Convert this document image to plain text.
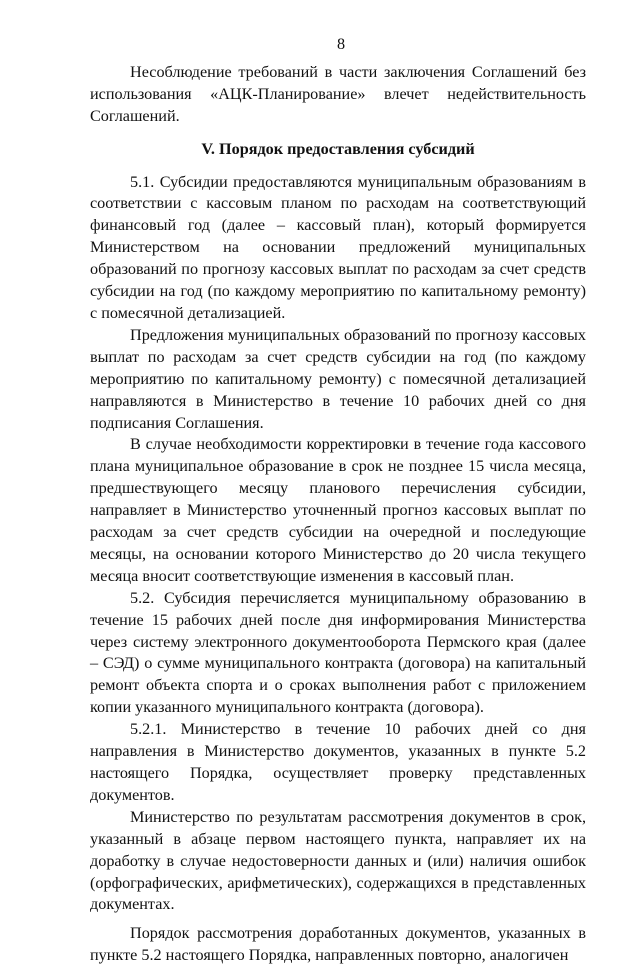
8

Несоблюдение требований в части заключения Соглашений без использования «АЦК-Планирование» влечет недействительность Соглашений.

V. Порядок предоставления субсидий

5.1. Субсидии предоставляются муниципальным образованиям в соответствии с кассовым планом по расходам на соответствующий финансовый год (далее – кассовый план), который формируется Министерством на основании предложений муниципальных образований по прогнозу кассовых выплат по расходам за счет средств субсидии на год (по каждому мероприятию по капитальному ремонту) с помесячной детализацией.

Предложения муниципальных образований по прогнозу кассовых выплат по расходам за счет средств субсидии на год (по каждому мероприятию по капитальному ремонту) с помесячной детализацией направляются в Министерство в течение 10 рабочих дней со дня подписания Соглашения.

В случае необходимости корректировки в течение года кассового плана муниципальное образование в срок не позднее 15 числа месяца, предшествующего месяцу планового перечисления субсидии, направляет в Министерство уточненный прогноз кассовых выплат по расходам за счет средств субсидии на очередной и последующие месяцы, на основании которого Министерство до 20 числа текущего месяца вносит соответствующие изменения в кассовый план.

5.2. Субсидия перечисляется муниципальному образованию в течение 15 рабочих дней после дня информирования Министерства через систему электронного документооборота Пермского края (далее – СЭД) о сумме муниципального контракта (договора) на капитальный ремонт объекта спорта и о сроках выполнения работ с приложением копии указанного муниципального контракта (договора).

5.2.1. Министерство в течение 10 рабочих дней со дня направления в Министерство документов, указанных в пункте 5.2 настоящего Порядка, осуществляет проверку представленных документов.

Министерство по результатам рассмотрения документов в срок, указанный в абзаце первом настоящего пункта, направляет их на доработку в случае недостоверности данных и (или) наличия ошибок (орфографических, арифметических), содержащихся в представленных документах.

Порядок рассмотрения доработанных документов, указанных в пункте 5.2 настоящего Порядка, направленных повторно, аналогичен
